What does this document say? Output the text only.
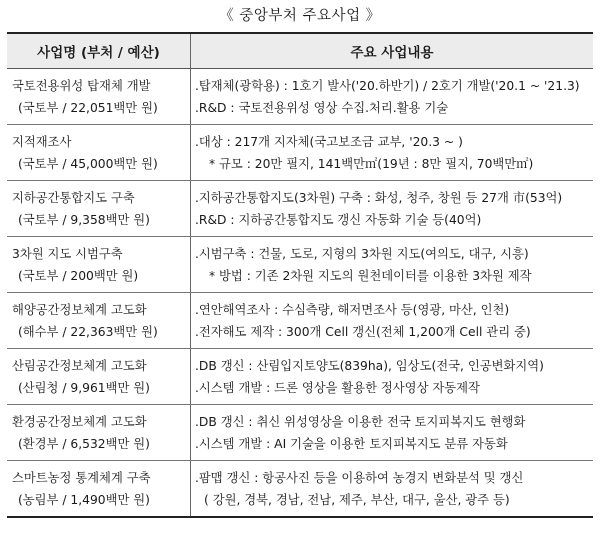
《 중앙부처 주요사업 》
사업명 (부처 / 예산)	주요 사업내용

국토전용위성 탑재체 개발
(국토부 / 22,051백만 원)	.탑재체(광학용) : 1호기 발사('20.하반기) / 2호기 개발('20.1 ~ '21.3)
.R&D : 국토전용위성 영상 수집.처리.활용 기술

지적재조사
(국토부 / 45,000백만 원)	.대상 : 217개 지자체(국고보조금 교부, '20.3 ~ )
* 규모 : 20만 필지, 141백만㎡(19년 : 8만 필지, 70백만㎡)

지하공간통합지도 구축
(국토부 / 9,358백만 원)	.지하공간통합지도(3차원) 구축 : 화성, 청주, 창원 등 27개 市(53억)
.R&D : 지하공간통합지도 갱신 자동화 기술 등(40억)

3차원 지도 시범구축
(국토부 / 200백만 원)	.시범구축 : 건물, 도로, 지형의 3차원 지도(여의도, 대구, 시흥)
* 방법 : 기존 2차원 지도의 원천데이터를 이용한 3차원 제작

해양공간정보체계 고도화
(해수부 / 22,363백만 원)	.연안해역조사 : 수심측량, 해저면조사 등(영광, 마산, 인천)
.전자해도 제작 : 300개 Cell 갱신(전체 1,200개 Cell 관리 중)

산림공간정보체계 고도화
(산림청 / 9,961백만 원)	.DB 갱신 : 산림입지토양도(839ha), 임상도(전국, 인공변화지역)
.시스템 개발 : 드론 영상을 활용한 정사영상 자동제작

환경공간정보체계 고도화
(환경부 / 6,532백만 원)	.DB 갱신 : 취신 위성영상을 이용한 전국 토지피복지도 현행화
.시스템 개발 : AI 기술을 이용한 토지피복지도 분류 자동화

스마트농정 통계체계 구축
(농림부 / 1,490백만 원)	.팜맵 갱신 : 항공사진 등을 이용하여 농경지 변화분석 및 갱신
( 강원, 경북, 경남, 전남, 제주, 부산, 대구, 울산, 광주 등)
